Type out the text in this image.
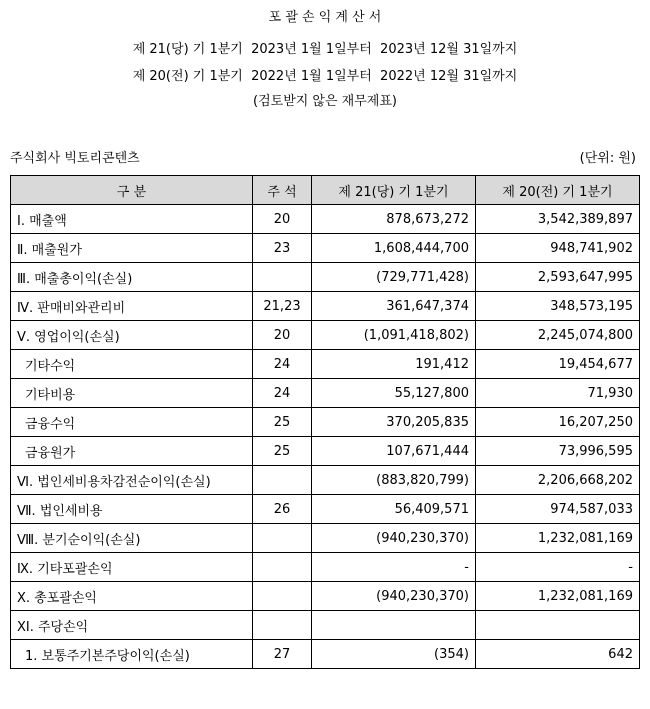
포 괄 손 익 계 산 서
제 21(당) 기 1분기  2023년 1월 1일부터  2023년 12월 31일까지
제 20(전) 기 1분기  2022년 1월 1일부터  2022년 12월 31일까지
(검토받지 않은 재무제표)
주식회사 빅토리콘텐츠	(단위: 원)
구 분	주 석	제 21(당) 기 1분기	제 20(전) 기 1분기
Ⅰ. 매출액	20	878,673,272	3,542,389,897
Ⅱ. 매출원가	23	1,608,444,700	948,741,902
Ⅲ. 매출총이익(손실)		(729,771,428)	2,593,647,995
Ⅳ. 판매비와관리비	21,23	361,647,374	348,573,195
Ⅴ. 영업이익(손실)	20	(1,091,418,802)	2,245,074,800
기타수익	24	191,412	19,454,677
기타비용	24	55,127,800	71,930
금융수익	25	370,205,835	16,207,250
금융원가	25	107,671,444	73,996,595
Ⅵ. 법인세비용차감전순이익(손실)		(883,820,799)	2,206,668,202
Ⅶ. 법인세비용	26	56,409,571	974,587,033
Ⅷ. 분기순이익(손실)		(940,230,370)	1,232,081,169
Ⅸ. 기타포괄손익		-	-
Ⅹ. 총포괄손익		(940,230,370)	1,232,081,169
XI. 주당손익			
1. 보통주기본주당이익(손실)	27	(354)	642
